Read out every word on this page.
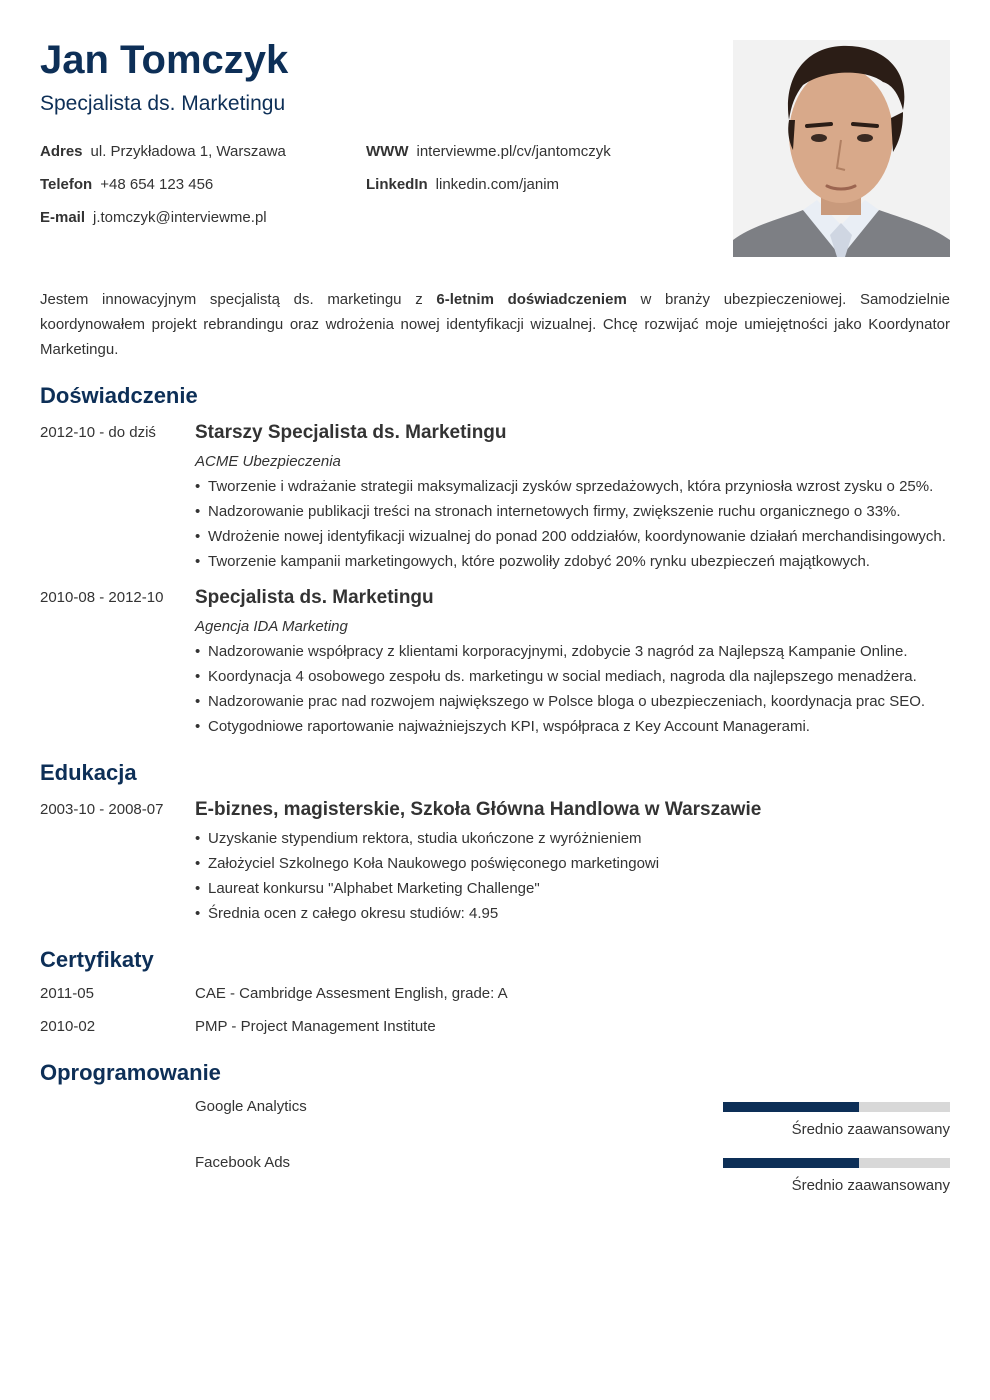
Jan Tomczyk
Specjalista ds. Marketingu
Adres ul. Przykładowa 1, Warszawa
Telefon +48 654 123 456
E-mail j.tomczyk@interviewme.pl
WWW interviewme.pl/cv/jantomczyk
LinkedIn linkedin.com/janim

Jestem innowacyjnym specjalistą ds. marketingu z 6-letnim doświadczeniem w branży ubezpieczeniowej. Samodzielnie koordynowałem projekt rebrandingu oraz wdrożenia nowej identyfikacji wizualnej. Chcę rozwijać moje umiejętności jako Koordynator Marketingu.

Doświadczenie
2012-10 - do dziś Starszy Specjalista ds. Marketingu
ACME Ubezpieczenia
• Tworzenie i wdrażanie strategii maksymalizacji zysków sprzedażowych, która przyniosła wzrost zysku o 25%.
• Nadzorowanie publikacji treści na stronach internetowych firmy, zwiększenie ruchu organicznego o 33%.
• Wdrożenie nowej identyfikacji wizualnej do ponad 200 oddziałów, koordynowanie działań merchandisingowych.
• Tworzenie kampanii marketingowych, które pozwoliły zdobyć 20% rynku ubezpieczeń majątkowych.
2010-08 - 2012-10 Specjalista ds. Marketingu
Agencja IDA Marketing
• Nadzorowanie współpracy z klientami korporacyjnymi, zdobycie 3 nagród za Najlepszą Kampanie Online.
• Koordynacja 4 osobowego zespołu ds. marketingu w social mediach, nagroda dla najlepszego menadżera.
• Nadzorowanie prac nad rozwojem największego w Polsce bloga o ubezpieczeniach, koordynacja prac SEO.
• Cotygodniowe raportowanie najważniejszych KPI, współpraca z Key Account Managerami.
Edukacja
2003-10 - 2008-07 E-biznes, magisterskie, Szkoła Główna Handlowa w Warszawie
• Uzyskanie stypendium rektora, studia ukończone z wyróżnieniem
• Założyciel Szkolnego Koła Naukowego poświęconego marketingowi
• Laureat konkursu "Alphabet Marketing Challenge"
• Średnia ocen z całego okresu studiów: 4.95
Certyfikaty
2011-05	CAE - Cambridge Assesment English, grade: A
2010-02	PMP - Project Management Institute
Oprogramowanie
Google Analytics
Średnio zaawansowany
Facebook Ads
Średnio zaawansowany
